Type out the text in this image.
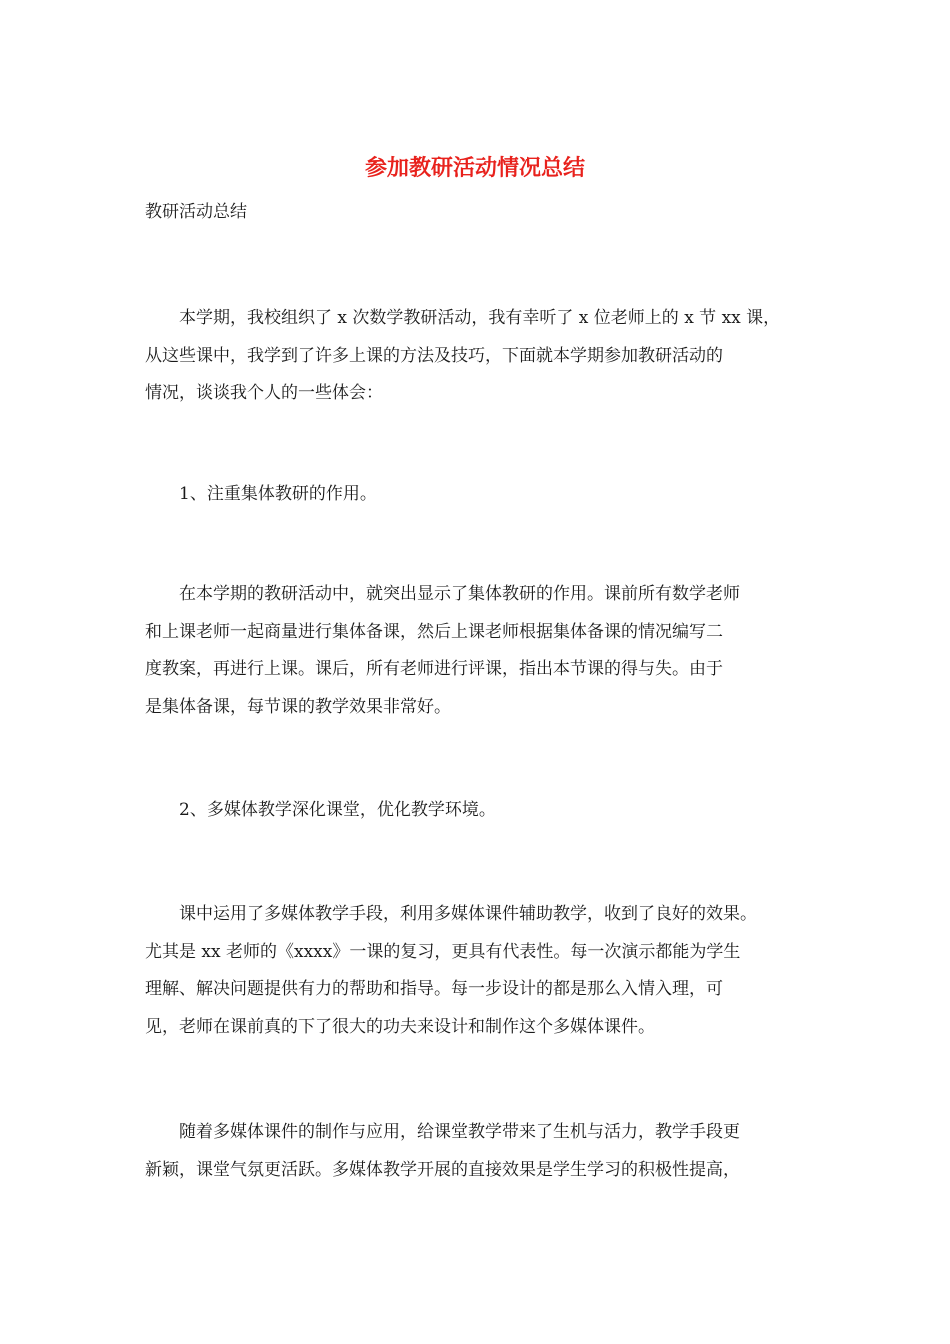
参加教研活动情况总结

教研活动总结

本学期，我校组织了 x 次数学教研活动，我有幸听了 x 位老师上的 x 节 xx 课，
从这些课中，我学到了许多上课的方法及技巧，下面就本学期参加教研活动的
情况，谈谈我个人的一些体会：

1、注重集体教研的作用。

在本学期的教研活动中，就突出显示了集体教研的作用。课前所有数学老师
和上课老师一起商量进行集体备课，然后上课老师根据集体备课的情况编写二
度教案，再进行上课。课后，所有老师进行评课，指出本节课的得与失。由于
是集体备课，每节课的教学效果非常好。

2、多媒体教学深化课堂，优化教学环境。

课中运用了多媒体教学手段，利用多媒体课件辅助教学，收到了良好的效果。
尤其是 xx 老师的《xxxx》一课的复习，更具有代表性。每一次演示都能为学生
理解、解决问题提供有力的帮助和指导。每一步设计的都是那么入情入理，可
见，老师在课前真的下了很大的功夫来设计和制作这个多媒体课件。

随着多媒体课件的制作与应用，给课堂教学带来了生机与活力，教学手段更
新颖，课堂气氛更活跃。多媒体教学开展的直接效果是学生学习的积极性提高，
